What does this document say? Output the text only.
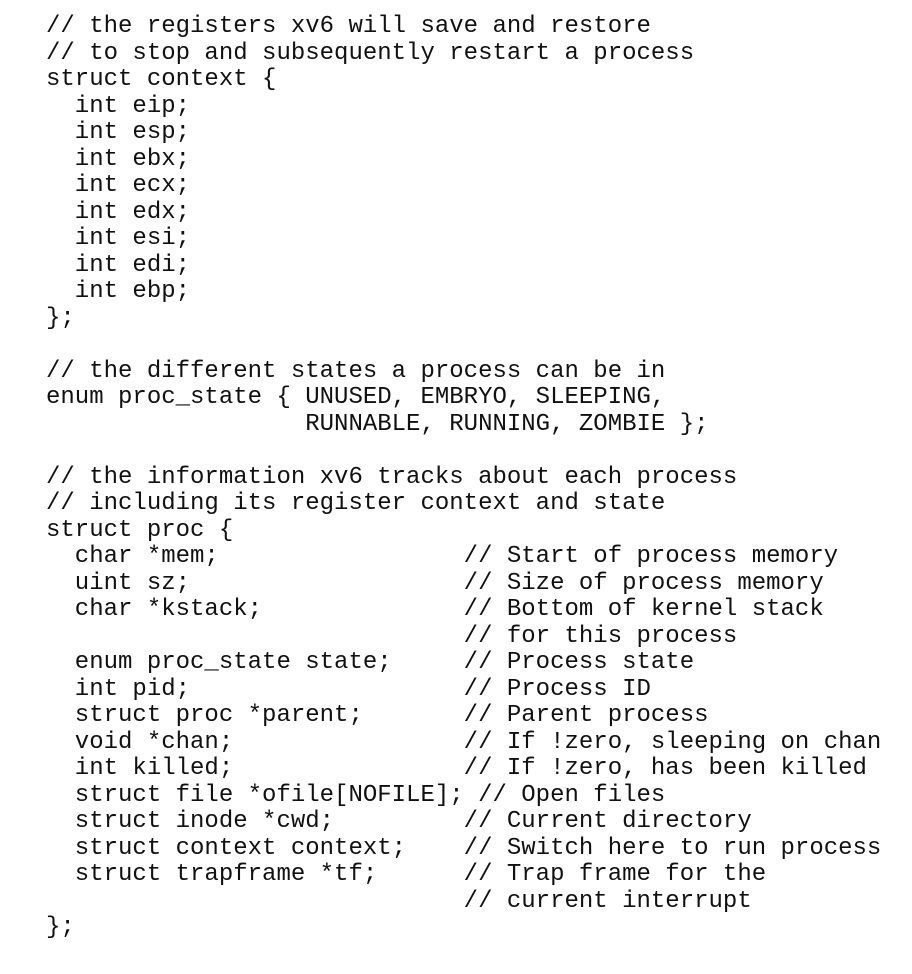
// the registers xv6 will save and restore
// to stop and subsequently restart a process
struct context {
int eip;
int esp;
int ebx;
int ecx;
int edx;
int esi;
int edi;
int ebp;
};
// the different states a process can be in
enum proc_state { UNUSED, EMBRYO, SLEEPING,
RUNNABLE, RUNNING, ZOMBIE };
// the information xv6 tracks about each process
// including its register context and state
struct proc {
char *mem;                 // Start of process memory
uint sz;                   // Size of process memory
char *kstack;              // Bottom of kernel stack
// for this process
enum proc_state state;     // Process state
int pid;                   // Process ID
struct proc *parent;       // Parent process
void *chan;                // If !zero, sleeping on chan
int killed;                // If !zero, has been killed
struct file *ofile[NOFILE]; // Open files
struct inode *cwd;         // Current directory
struct context context;    // Switch here to run process
struct trapframe *tf;      // Trap frame for the
// current interrupt
};
